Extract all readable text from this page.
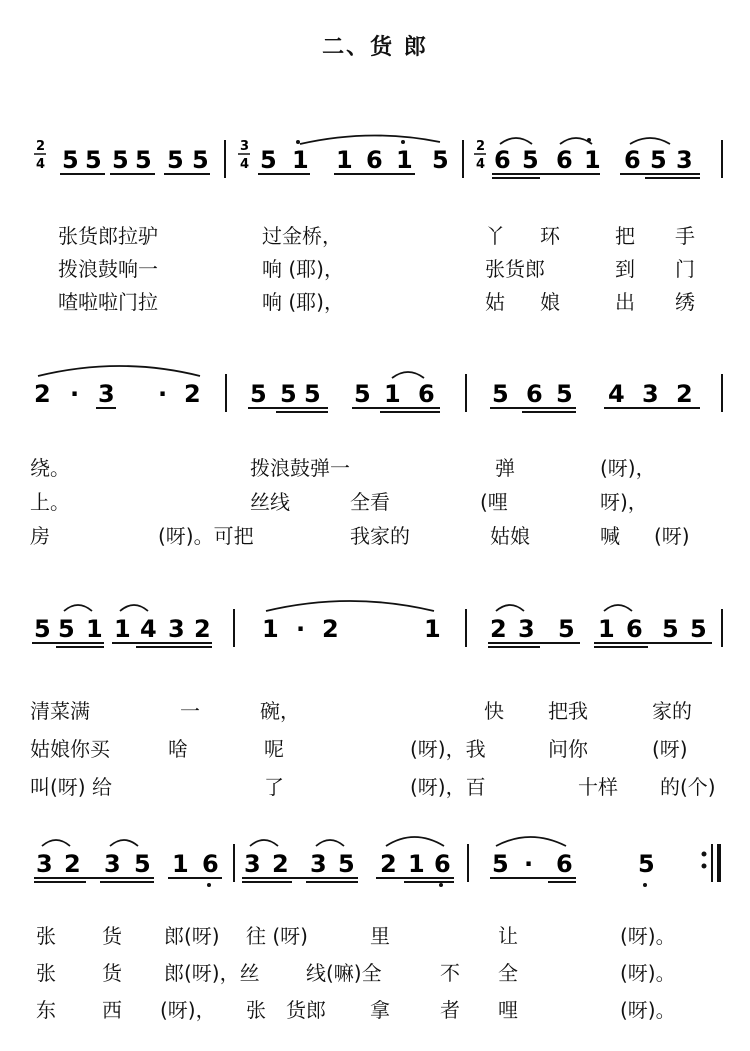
二、货 郎
2
4 5 5 5 5 5 5 3
4 5 1 1 6 1 5 2
4 6 5 6 1 6 5 3
张货郎拉驴	过金桥，	丫 环	把 手
拨浪鼓响一	响 (耶)，	张货郎	到 门
喳啦啦门拉	响 (耶)，	姑 娘	出 绣
2 · 3 · 2 5 5 5 5 1 6 5 6 5 4 3 2
绕。	拨浪鼓弹一	弹	(呀)，
上。	丝线	全看	(哩	呀)，
房	(呀)。可把	我家的	姑娘	喊 (呀)
5 5 1 1 4 3 2 1 · 2	1 2 3 5 1 6 5 5
清菜满	一	碗，	快 把我	家的
姑娘你买	啥	呢	(呀)，我	问你	(呀)
叫(呀) 给	了	(呀)，百	十样 的(个)
3 2 3 5 1 6 3 2 3 5 2 1 6 5 · 6	5
张 货 郎(呀) 往 (呀)	里	让	(呀)。
张 货 郎(呀)，丝 线(嘛)全	不 全	(呀)。
东 西 (呀)， 张 货郎 拿	者 哩	(呀)。
